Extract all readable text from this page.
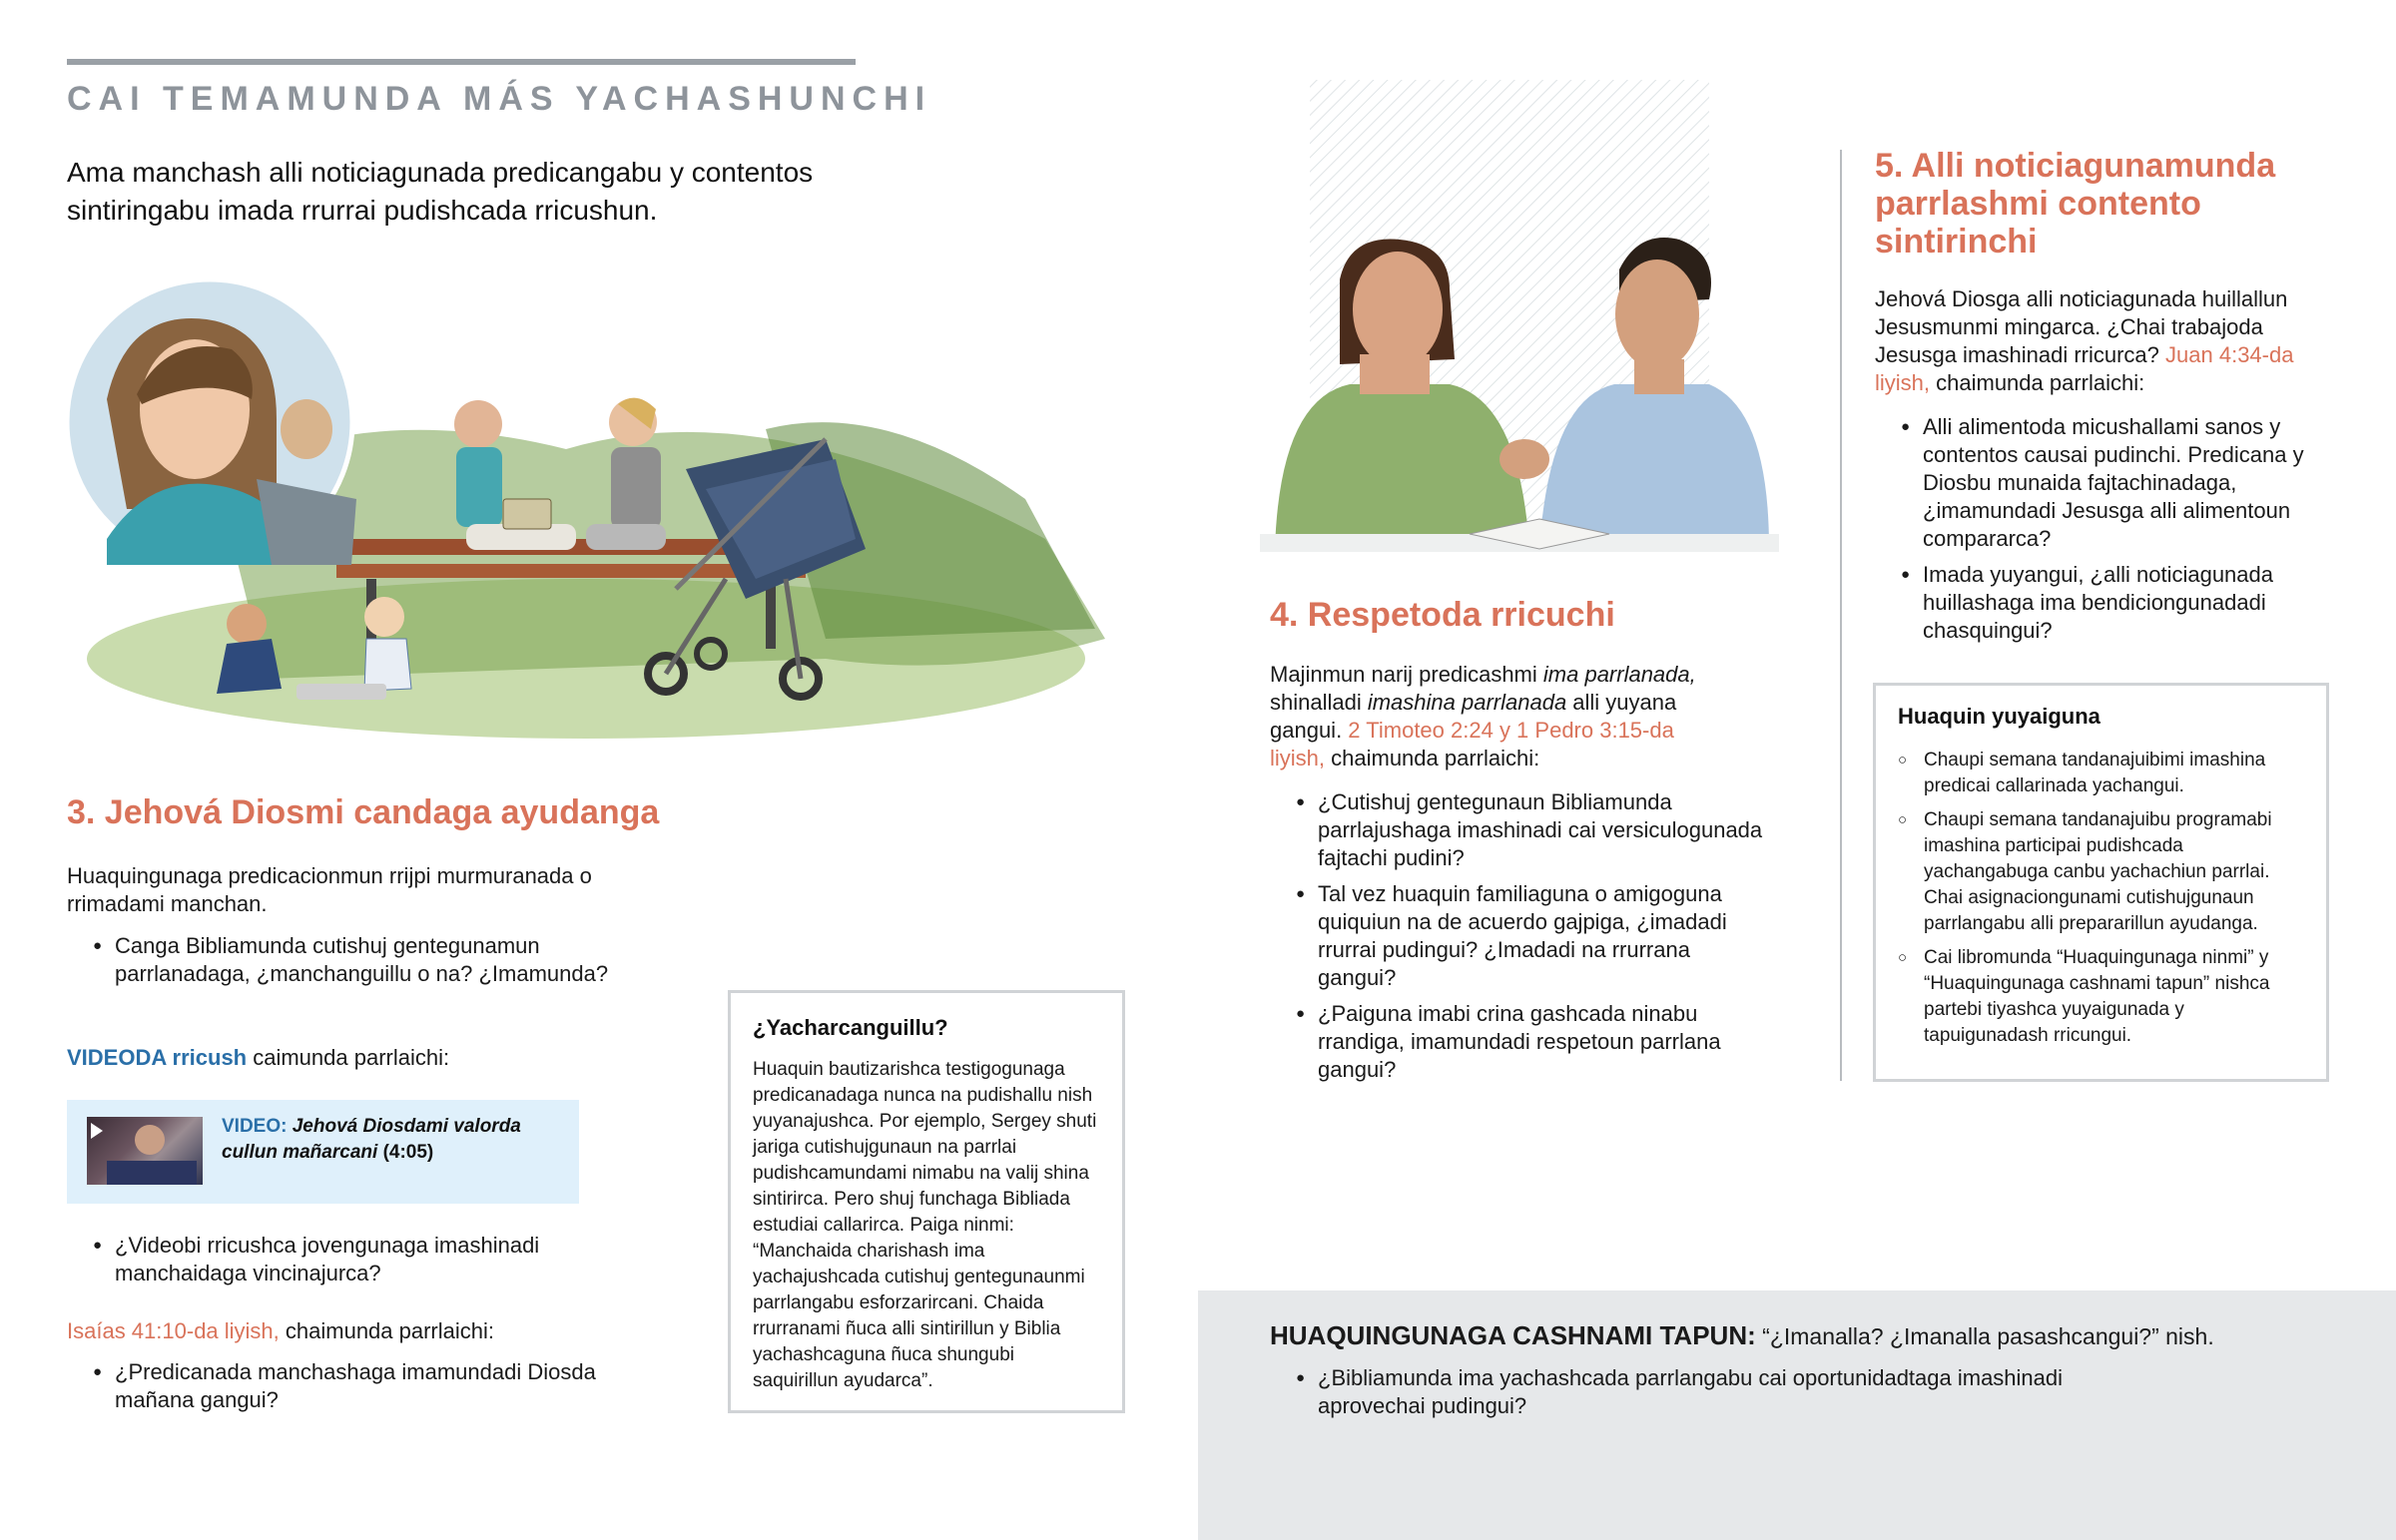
CAI TEMAMUNDA MÁS YACHASHUNCHI
Ama manchash alli noticiagunada predicangabu y contentos sintiringabu imada rrurrai pudishcada rricushun.
3. Jehová Diosmi candaga ayudanga
Huaquingunaga predicacionmun rrijpi murmuranada o rrimadami manchan.
● Canga Bibliamunda cutishuj gentegunamun parrlanadaga, ¿manchanguillu o na? ¿Imamunda?
VIDEODA rricush caimunda parrlaichi:
VIDEO: Jehová Diosdami valorda cullun mañarcani (4:05)
● ¿Videobi rricushca jovengunaga imashinadi manchaidaga vincinajurca?
Isaías 41:10-da liyish, chaimunda parrlaichi:
● ¿Predicanada manchashaga imamundadi Diosda mañana gangui?
¿Yacharcanguillu?
Huaquin bautizarishca testigogunaga predicanadaga nunca na pudishallu nish yuyanajushca. Por ejemplo, Sergey shuti jariga cutishujgunaun na parrlai pudishcamundami nimabu na valij shina sintirirca. Pero shuj funchaga Bibliada estudiai callarirca. Paiga ninmi: “Manchaida charishash ima yachajushcada cutishuj gentegunaunmi parrlangabu esforzarircani. Chaida rrurranami ñuca alli sintirillun y Biblia yachashcaguna ñuca shungubi saquirillun ayudarca”.
4. Respetoda rricuchi
Majinmun narij predicashmi ima parrlanada, shinalladi imashina parrlanada alli yuyana gangui. 2 Timoteo 2:24 y 1 Pedro 3:15-da liyish, chaimunda parrlaichi:
● ¿Cutishuj gentegunaun Bibliamunda parrlajushaga imashinadi cai versiculogunada fajtachi pudini?
● Tal vez huaquin familiaguna o amigoguna quiquiun na de acuerdo gajpiga, ¿imadadi rrurrai pudingui? ¿Imadadi na rrurrana gangui?
● ¿Paiguna imabi crina gashcada ninabu rrandiga, imamundadi respetoun parrlana gangui?
5. Alli noticiagunamunda parrlashmi contento sintirinchi
Jehová Diosga alli noticiagunada huillallun Jesusmunmi mingarca. ¿Chai trabajoda Jesusga imashinadi rricurca? Juan 4:34-da liyish, chaimunda parrlaichi:
● Alli alimentoda micushallami sanos y contentos causai pudinchi. Predicana y Diosbu munaida fajtachinadaga, ¿imamundadi Jesusga alli alimentoun compararca?
● Imada yuyangui, ¿alli noticiagunada huillashaga ima bendiciongunadadi chasquingui?
Huaquin yuyaiguna
○ Chaupi semana tandanajuibimi imashina predicai callarinada yachangui.
○ Chaupi semana tandanajuibu programabi imashina participai pudishcada yachangabuga canbu yachachiun parrlai. Chai asignaciongunami cutishujgunaun parrlangabu alli prepararillun ayudanga.
○ Cai libromunda “Huaquingunaga ninmi” y “Huaquingunaga cashnami tapun” nishca partebi tiyashca yuyaigunada y tapuigunadash rricungui.
HUAQUINGUNAGA CASHNAMI TAPUN: “¿Imanalla? ¿Imanalla pasashcangui?” nish.
● ¿Bibliamunda ima yachashcada parrlangabu cai oportunidadtaga imashinadi aprovechai pudingui?
